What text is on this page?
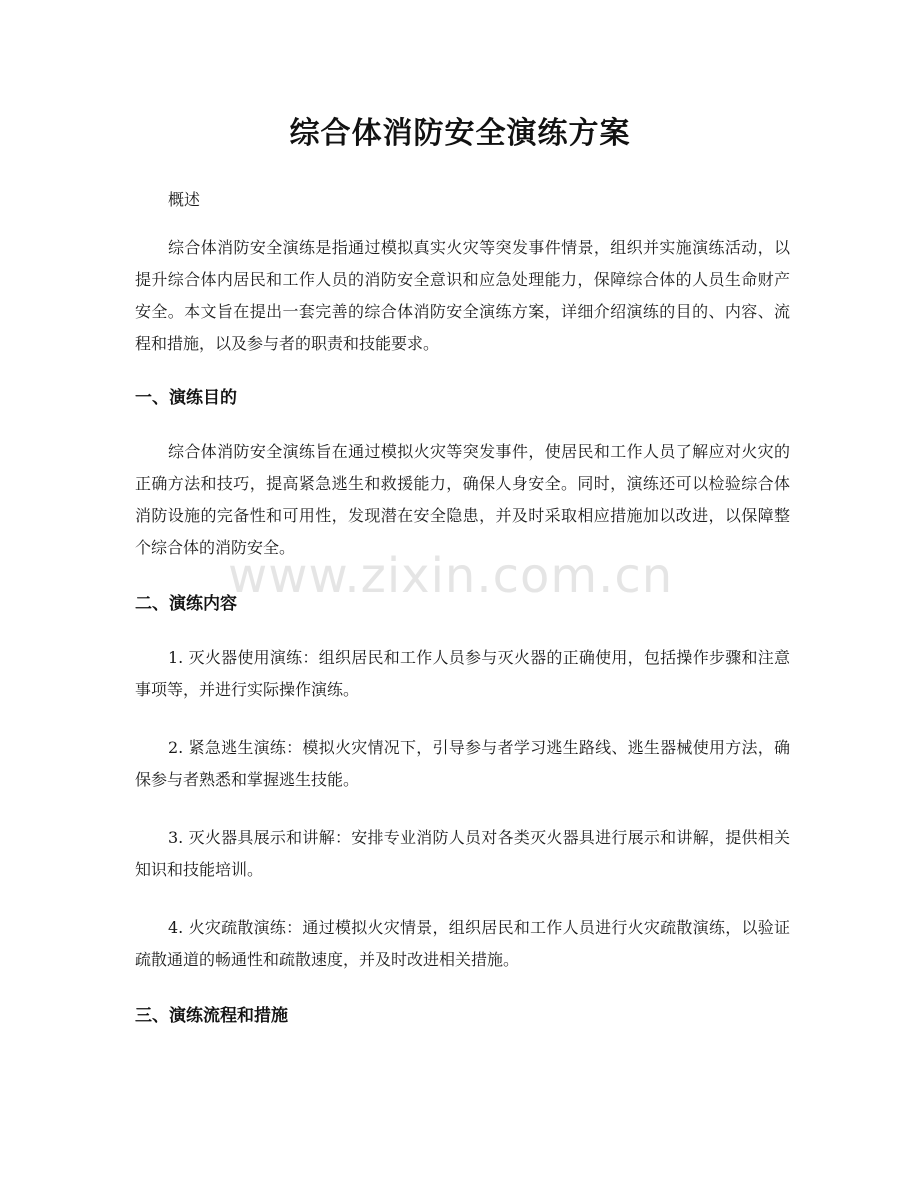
综合体消防安全演练方案

概述

综合体消防安全演练是指通过模拟真实火灾等突发事件情景，组织并实施演练活动，以提升综合体内居民和工作人员的消防安全意识和应急处理能力，保障综合体的人员生命财产安全。本文旨在提出一套完善的综合体消防安全演练方案，详细介绍演练的目的、内容、流程和措施，以及参与者的职责和技能要求。

一、演练目的

综合体消防安全演练旨在通过模拟火灾等突发事件，使居民和工作人员了解应对火灾的正确方法和技巧，提高紧急逃生和救援能力，确保人身安全。同时，演练还可以检验综合体消防设施的完备性和可用性，发现潜在安全隐患，并及时采取相应措施加以改进，以保障整个综合体的消防安全。

二、演练内容

1. 灭火器使用演练：组织居民和工作人员参与灭火器的正确使用，包括操作步骤和注意事项等，并进行实际操作演练。

2. 紧急逃生演练：模拟火灾情况下，引导参与者学习逃生路线、逃生器械使用方法，确保参与者熟悉和掌握逃生技能。

3. 灭火器具展示和讲解：安排专业消防人员对各类灭火器具进行展示和讲解，提供相关知识和技能培训。

4. 火灾疏散演练：通过模拟火灾情景，组织居民和工作人员进行火灾疏散演练，以验证疏散通道的畅通性和疏散速度，并及时改进相关措施。

三、演练流程和措施
www.zixin.com.cn
